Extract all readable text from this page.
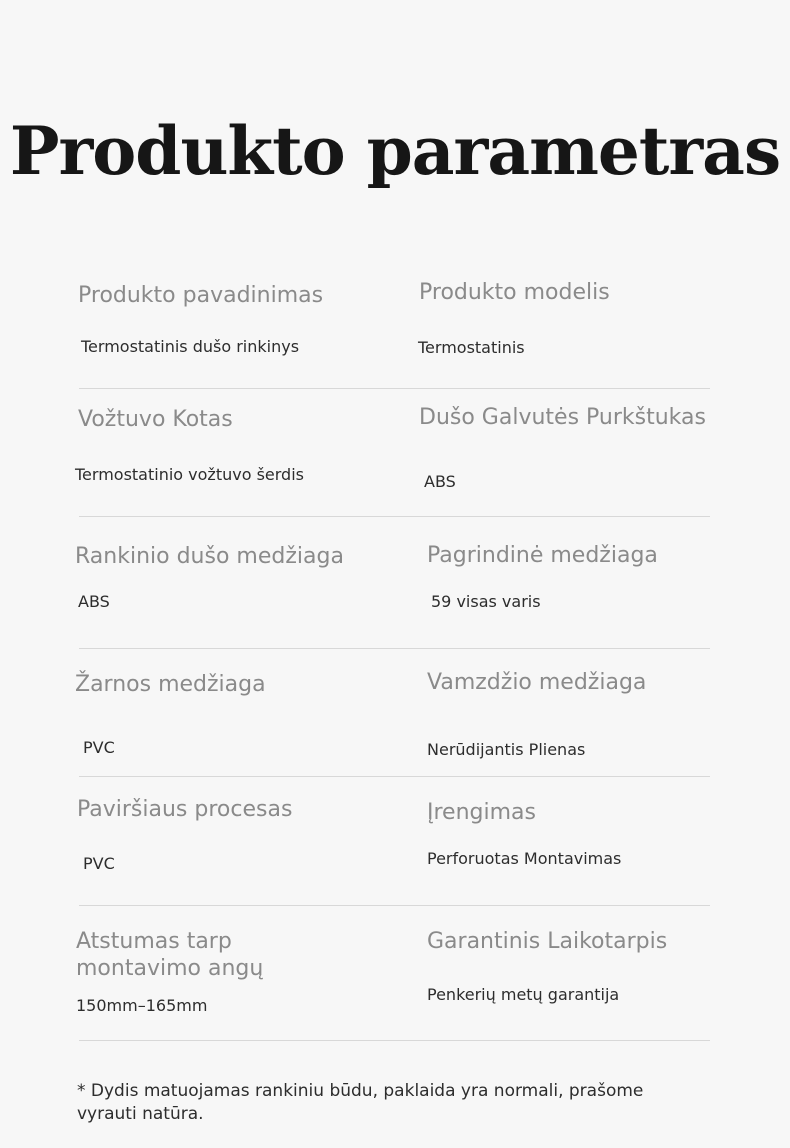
Produkto parametras

Produkto pavadinimas

Termostatinis dušo rinkinys

Produkto modelis

Termostatinis

Vožtuvo Kotas

Termostatinio vožtuvo šerdis

Dušo Galvutės Purkštukas

ABS

Rankinio dušo medžiaga

ABS

Pagrindinė medžiaga

59 visas varis

Žarnos medžiaga

PVC

Vamzdžio medžiaga

Nerūdijantis Plienas

Paviršiaus procesas

PVC

Įrengimas

Perforuotas Montavimas

Atstumas tarp montavimo angų

150mm–165mm

Garantinis Laikotarpis

Penkerių metų garantija

* Dydis matuojamas rankiniu būdu, paklaida yra normali, prašome vyrauti natūra.
